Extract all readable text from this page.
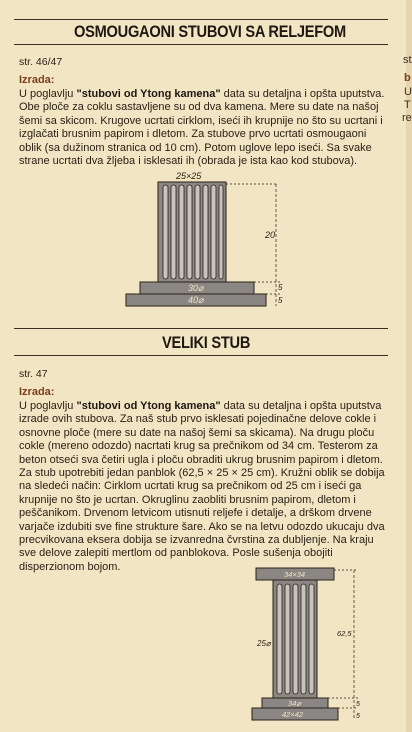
OSMOUGAONI STUBOVI SA RELJEFOM
str. 46/47
Izrada:

U poglavlju "stubovi od Ytong kamena" data su detaljna i opšta uputstva. Obe ploče za coklu sastavljene su od dva kamena. Mere su date na našoj šemi sa skicom. Krugove ucrtati cirklom, iseći ih krupnije no što su ucrtani i izglačati brusnim papirom i dletom. Za stubove prvo ucrtati osmougaoni oblik (sa dužinom stranica od 10 cm). Potom uglove lepo iseći. Sa svake strane ucrtati dva žljeba i isklesati ih (obrada je ista kao kod stubova).

25×25
30⌀
40⌀
20
5
5
VELIKI STUB
str. 47
Izrada:

U poglavlju "stubovi od Ytong kamena" data su detaljna i opšta uputstva izrade ovih stubova. Za naš stub prvo isklesati pojedinačne delove cokle i osnovne ploče (mere su date na našoj šemi sa skicama). Na drugu ploču cokle (mereno odozdo) nacrtati krug sa prečnikom od 34 cm. Testerom za beton otseći sva četiri ugla i ploču obraditi ukrug brusnim papirom i dletom. Za stub upotrebiti jedan panblok (62,5 × 25 × 25 cm). Kružni oblik se dobija na sledeći način: Cirklom ucrtati krug sa prečnikom od 25 cm i iseći ga krupnije no što je ucrtan. Okruglinu zaobliti brusnim papirom, dletom i peščanikom. Drvenom letvicom utisnuti reljefe i detalje, a drškom drvene varjače izdubiti sve fine strukture šare. Ako se na letvu odozdo ukucaju dva precvikovana eksera dobija se izvanredna čvrstina za dubljenje. Na kraju sve delove zalepiti mertlom od panblokova. Posle sušenja obojiti disperzionom bojom.

34×34
25⌀
34⌀
42×42
62,5
5
5
st
b
U
T
re
